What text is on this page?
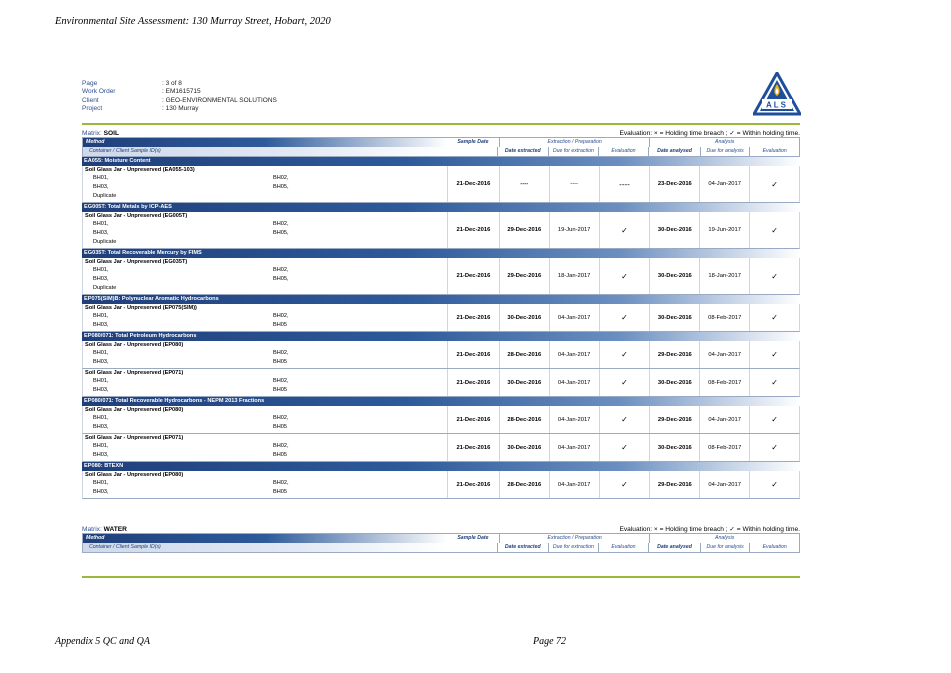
Environmental Site Assessment: 130 Murray Street, Hobart, 2020
Page	: 3 of 8
Work Order	: EM1615715
Client	: GEO-ENVIRONMENTAL SOLUTIONS
Project	: 130 Murray	ALS
Matrix: SOIL	Evaluation: × = Holding time breach ; ✓ = Within holding time.
Method	Sample Date	Extraction / Preparation	Analysis
Container / Client Sample ID(s)	Date extracted	Due for extraction	Evaluation	Date analysed	Due for analysis	Evaluation
EA055: Moisture Content
Soil Glass Jar - Unpreserved (EA055-103)
BH01,	BH02,
BH03,	BH05,
Duplicate
21-Dec-2016	----	----	----	23-Dec-2016	04-Jan-2017	✓
EG005T: Total Metals by ICP-AES
Soil Glass Jar - Unpreserved (EG005T)
BH01,	BH02,
BH03,	BH05,
Duplicate
21-Dec-2016	29-Dec-2016	19-Jun-2017	✓	30-Dec-2016	19-Jun-2017	✓
EG035T: Total Recoverable Mercury by FIMS
Soil Glass Jar - Unpreserved (EG035T)
BH01,	BH02,
BH03,	BH05,
Duplicate
21-Dec-2016	29-Dec-2016	18-Jan-2017	✓	30-Dec-2016	18-Jan-2017	✓
EP075(SIM)B: Polynuclear Aromatic Hydrocarbons
Soil Glass Jar - Unpreserved (EP075(SIM))
BH01,	BH02,
BH03,	BH05
21-Dec-2016	30-Dec-2016	04-Jan-2017	✓	30-Dec-2016	08-Feb-2017	✓
EP080/071: Total Petroleum Hydrocarbons
Soil Glass Jar - Unpreserved (EP080)
BH01,	BH02,
BH03,	BH05
21-Dec-2016	28-Dec-2016	04-Jan-2017	✓	29-Dec-2016	04-Jan-2017	✓
Soil Glass Jar - Unpreserved (EP071)
BH01,	BH02,
BH03,	BH05
21-Dec-2016	30-Dec-2016	04-Jan-2017	✓	30-Dec-2016	08-Feb-2017	✓
EP080/071: Total Recoverable Hydrocarbons - NEPM 2013 Fractions
Soil Glass Jar - Unpreserved (EP080)
BH01,	BH02,
BH03,	BH05
21-Dec-2016	28-Dec-2016	04-Jan-2017	✓	29-Dec-2016	04-Jan-2017	✓
Soil Glass Jar - Unpreserved (EP071)
BH01,	BH02,
BH03,	BH05
21-Dec-2016	30-Dec-2016	04-Jan-2017	✓	30-Dec-2016	08-Feb-2017	✓
EP080: BTEXN
Soil Glass Jar - Unpreserved (EP080)
BH01,	BH02,
BH03,	BH05
21-Dec-2016	28-Dec-2016	04-Jan-2017	✓	29-Dec-2016	04-Jan-2017	✓
Matrix: WATER	Evaluation: × = Holding time breach ; ✓ = Within holding time.
Method	Sample Date	Extraction / Preparation	Analysis
Container / Client Sample ID(s)	Date extracted	Due for extraction	Evaluation	Date analysed	Due for analysis	Evaluation
Appendix 5 QC and QA	Page 72
